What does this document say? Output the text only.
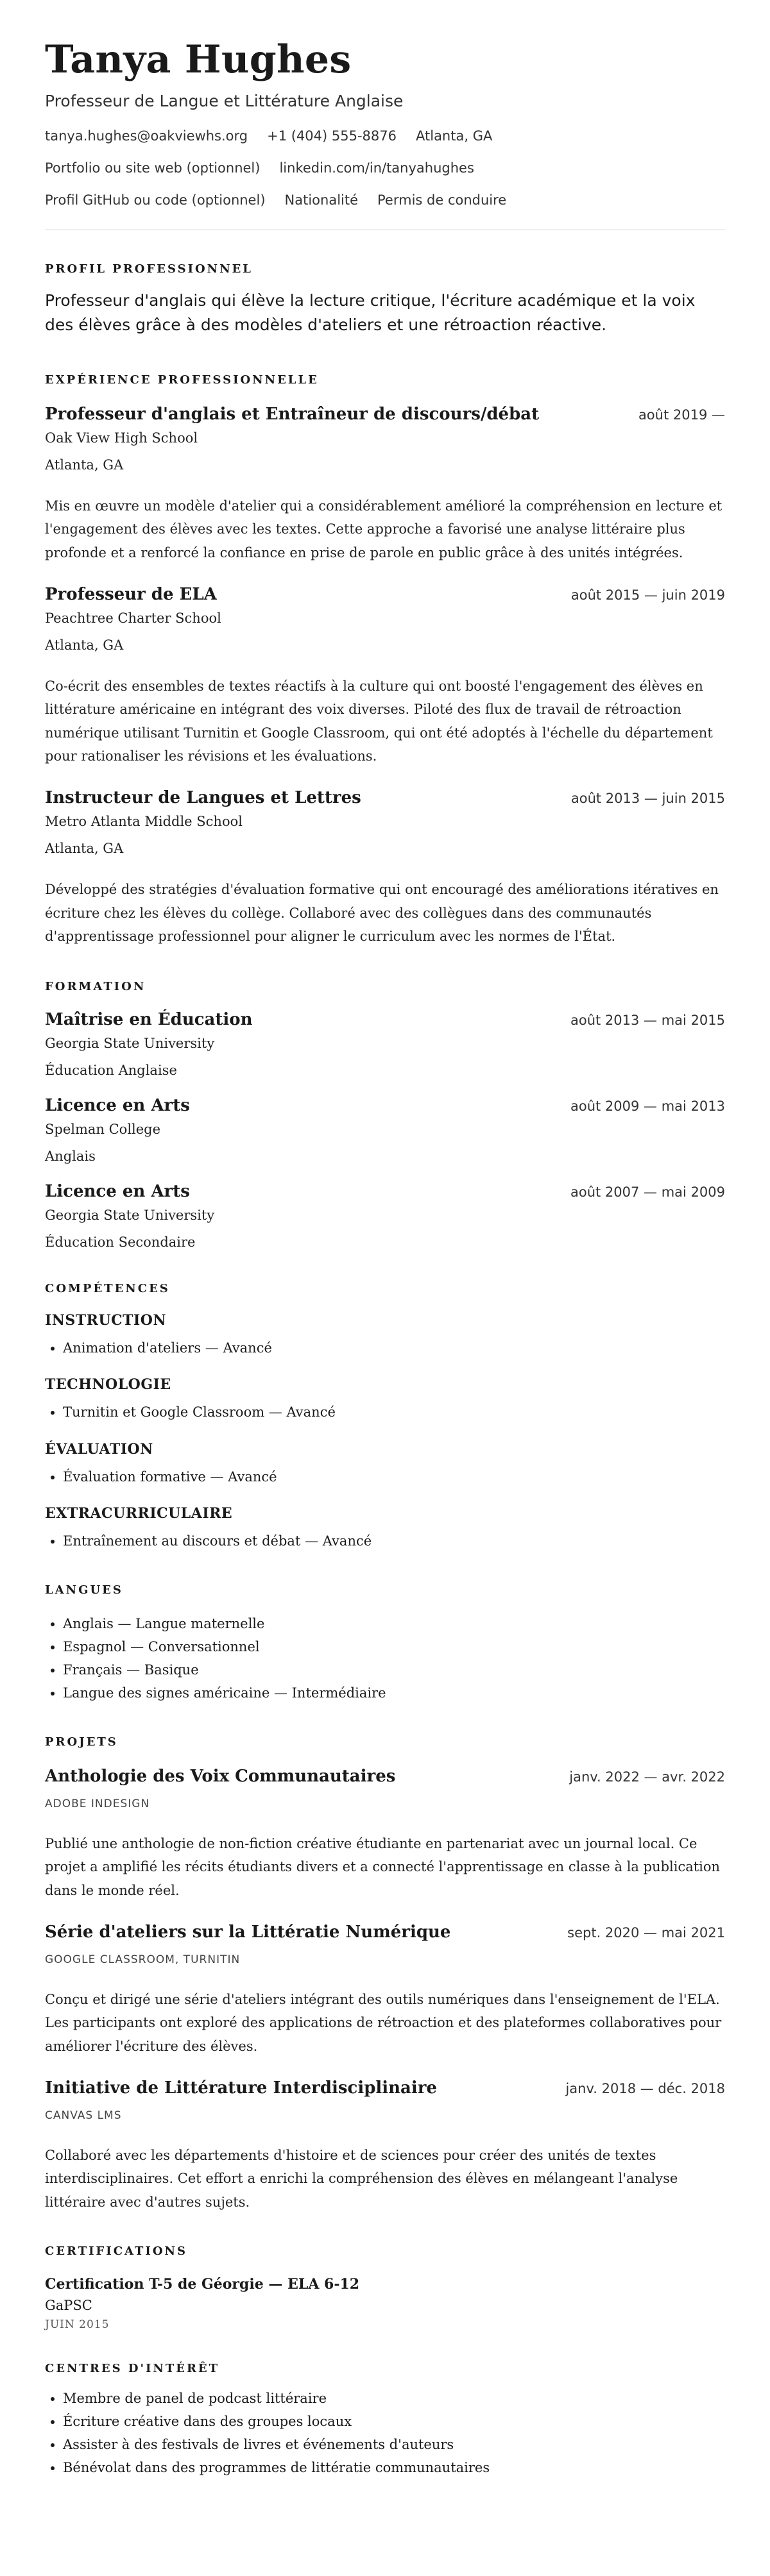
Tanya Hughes
Professeur de Langue et Littérature Anglaise
tanya.hughes@oakviewhs.org +1 (404) 555-8876 Atlanta, GA
Portfolio ou site web (optionnel) linkedin.com/in/tanyahughes
Profil GitHub ou code (optionnel) Nationalité Permis de conduire
PROFIL PROFESSIONNEL
Professeur d'anglais qui élève la lecture critique, l'écriture académique et la voix des élèves grâce à des modèles d'ateliers et une rétroaction réactive.
EXPÉRIENCE PROFESSIONNELLE
Professeur d'anglais et Entraîneur de discours/débat	août 2019 —
Oak View High School
Atlanta, GA
Mis en œuvre un modèle d'atelier qui a considérablement amélioré la compréhension en lecture et l'engagement des élèves avec les textes. Cette approche a favorisé une analyse littéraire plus profonde et a renforcé la confiance en prise de parole en public grâce à des unités intégrées.
Professeur de ELA	août 2015 — juin 2019
Peachtree Charter School
Atlanta, GA
Co-écrit des ensembles de textes réactifs à la culture qui ont boosté l'engagement des élèves en littérature américaine en intégrant des voix diverses. Piloté des flux de travail de rétroaction numérique utilisant Turnitin et Google Classroom, qui ont été adoptés à l'échelle du département pour rationaliser les révisions et les évaluations.
Instructeur de Langues et Lettres	août 2013 — juin 2015
Metro Atlanta Middle School
Atlanta, GA
Développé des stratégies d'évaluation formative qui ont encouragé des améliorations itératives en écriture chez les élèves du collège. Collaboré avec des collègues dans des communautés d'apprentissage professionnel pour aligner le curriculum avec les normes de l'État.
FORMATION
Maîtrise en Éducation	août 2013 — mai 2015
Georgia State University
Éducation Anglaise
Licence en Arts	août 2009 — mai 2013
Spelman College
Anglais
Licence en Arts	août 2007 — mai 2009
Georgia State University
Éducation Secondaire
COMPÉTENCES
INSTRUCTION
• Animation d'ateliers — Avancé
TECHNOLOGIE
• Turnitin et Google Classroom — Avancé
ÉVALUATION
• Évaluation formative — Avancé
EXTRACURRICULAIRE
• Entraînement au discours et débat — Avancé
LANGUES
• Anglais — Langue maternelle
• Espagnol — Conversationnel
• Français — Basique
• Langue des signes américaine — Intermédiaire
PROJETS
Anthologie des Voix Communautaires	janv. 2022 — avr. 2022
ADOBE INDESIGN
Publié une anthologie de non-fiction créative étudiante en partenariat avec un journal local. Ce projet a amplifié les récits étudiants divers et a connecté l'apprentissage en classe à la publication dans le monde réel.
Série d'ateliers sur la Littératie Numérique	sept. 2020 — mai 2021
GOOGLE CLASSROOM, TURNITIN
Conçu et dirigé une série d'ateliers intégrant des outils numériques dans l'enseignement de l'ELA. Les participants ont exploré des applications de rétroaction et des plateformes collaboratives pour améliorer l'écriture des élèves.
Initiative de Littérature Interdisciplinaire	janv. 2018 — déc. 2018
CANVAS LMS
Collaboré avec les départements d'histoire et de sciences pour créer des unités de textes interdisciplinaires. Cet effort a enrichi la compréhension des élèves en mélangeant l'analyse littéraire avec d'autres sujets.
CERTIFICATIONS
Certification T-5 de Géorgie — ELA 6-12
GaPSC
JUIN 2015
CENTRES D'INTÉRÊT
• Membre de panel de podcast littéraire
• Écriture créative dans des groupes locaux
• Assister à des festivals de livres et événements d'auteurs
• Bénévolat dans des programmes de littératie communautaires
